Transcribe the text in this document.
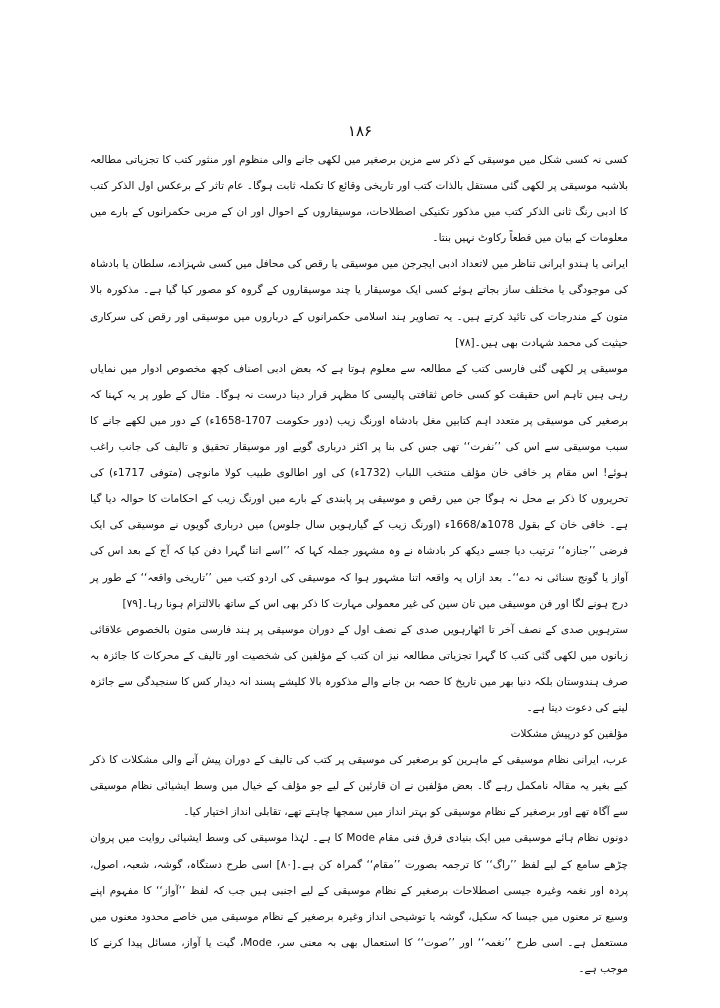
۱۸۶

کسی نہ کسی شکل میں موسیقی کے ذکر سے مزین برصغیر میں لکھی جانے والی منظوم اور منثور کتب کا تجزیاتی مطالعہ بلاشبہ موسیقی پر لکھی گئی مستقل بالذات کتب اور تاریخی وقائع کا تکملہ ثابت ہوگا۔ عام تاثر کے برعکس اول الذکر کتب کا ادبی رنگ ثانی الذکر کتب میں مذکور تکنیکی اصطلاحات، موسیقاروں کے احوال اور ان کے مربی حکمرانوں کے بارے میں معلومات کے بیان میں قطعاً رکاوٹ نہیں بنتا۔

ایرانی یا ہندو ایرانی تناظر میں لاتعداد ادبی ایجرجن میں موسیقی یا رقص کی محافل میں کسی شہزادے، سلطان یا بادشاہ کی موجودگی یا مختلف ساز بجاتے ہوئے کسی ایک موسیقار یا چند موسیقاروں کے گروہ کو مصور کیا گیا ہے۔ مذکورہ بالا متون کے مندرجات کی تائید کرتے ہیں۔ یہ تصاویر ہند اسلامی حکمرانوں کے درباروں میں موسیقی اور رقص کی سرکاری حیثیت کی محمد شہادت بھی ہیں۔[۷۸]

موسیقی پر لکھی گئی فارسی کتب کے مطالعہ سے معلوم ہوتا ہے کہ بعض ادبی اصناف کچھ مخصوص ادوار میں نمایاں رہی ہیں تاہم اس حقیقت کو کسی خاص ثقافتی پالیسی کا مظہر قرار دینا درست نہ ہوگا۔ مثال کے طور پر یہ کہنا کہ برصغیر کی موسیقی پر متعدد اہم کتابیں مغل بادشاہ اورنگ زیب (دور حکومت 1707-1658ء) کے دور میں لکھے جانے کا سبب موسیقی سے اس کی ’’نفرت‘‘ تھی جس کی بنا پر اکثر درباری گویے اور موسیقار تحقیق و تالیف کی جانب راغب ہوئے! اس مقام پر خافی خان مؤلف منتخب اللباب (1732ء) کی اور اطالوی طبیب کولا مانوچی (متوفی 1717ء) کی تحریروں کا ذکر بے محل نہ ہوگا جن میں رقص و موسیقی پر پابندی کے بارے میں اورنگ زیب کے احکامات کا حوالہ دیا گیا ہے۔ خافی خان کے بقول 1078ھ/1668ء (اورنگ زیب کے گیارہویں سال جلوس) میں درباری گویوں نے موسیقی کی ایک فرضی ’’جنازہ‘‘ ترتیب دیا جسے دیکھ کر بادشاہ نے وہ مشہور جملہ کہا کہ ’’اسے اتنا گہرا دفن کیا کہ آج کے بعد اس کی آواز یا گونج سنائی نہ دے‘‘۔ بعد ازاں یہ واقعہ اتنا مشہور ہوا کہ موسیقی کی اردو کتب میں ’’تاریخی واقعہ‘‘ کے طور پر درج ہونے لگا اور فن موسیقی میں تان سین کی غیر معمولی مہارت کا ذکر بھی اس کے ساتھ بالالتزام ہونا رہا۔[۷۹]

سترہویں صدی کے نصف آخر تا اٹھارہویں صدی کے نصف اول کے دوران موسیقی پر ہند فارسی متون بالخصوص علاقائی زبانوں میں لکھی گئی کتب کا گہرا تجزیاتی مطالعہ نیز ان کتب کے مؤلفین کی شخصیت اور تالیف کے محرکات کا جائزہ بہ صرف ہندوستان بلکہ دنیا بھر میں تاریخ کا حصہ بن جانے والے مذکورہ بالا کلیشے پسند انہ دیدار کس کا سنجیدگی سے جائزہ لینے کی دعوت دیتا ہے۔

مؤلفین کو درپیش مشکلات

عرب، ایرانی نظام موسیقی کے ماہرین کو برصغیر کی موسیقی پر کتب کی تالیف کے دوران پیش آنے والی مشکلات کا ذکر کیے بغیر یہ مقالہ نامکمل رہے گا۔ بعض مؤلفین نے ان قارئین کے لیے جو مؤلف کے خیال میں وسط ایشیائی نظام موسیقی سے آگاہ تھے اور برصغیر کے نظام موسیقی کو بہتر انداز میں سمجھا چاہتے تھے، تقابلی انداز اختیار کیا۔

دونوں نظام ہائے موسیقی میں ایک بنیادی فرق فنی مقام Mode کا ہے۔ لہٰذا موسیقی کی وسط ایشیائی روایت میں پروان چڑھے سامع کے لیے لفظ ’’راگ‘‘ کا ترجمہ بصورت ’’مقام‘‘ گمراہ کن ہے۔[۸۰] اسی طرح دستگاہ، گوشہ، شعبہ، اصول، پردہ اور نغمہ وغیرہ جیسی اصطلاحات برصغیر کے نظام موسیقی کے لیے اجنبی ہیں جب کہ لفظ ’’آواز‘‘ کا مفہوم اپنے وسیع تر معنوں میں جیسا کہ سکیل، گوشہ یا توشیحی انداز وغیرہ برصغیر کے نظام موسیقی میں خاصے محدود معنوں میں مستعمل ہے۔ اسی طرح ’’نغمہ‘‘ اور ’’صوت‘‘ کا استعمال بھی بہ معنی سر، Mode، گیت یا آواز، مسائل پیدا کرنے کا موجب ہے۔
